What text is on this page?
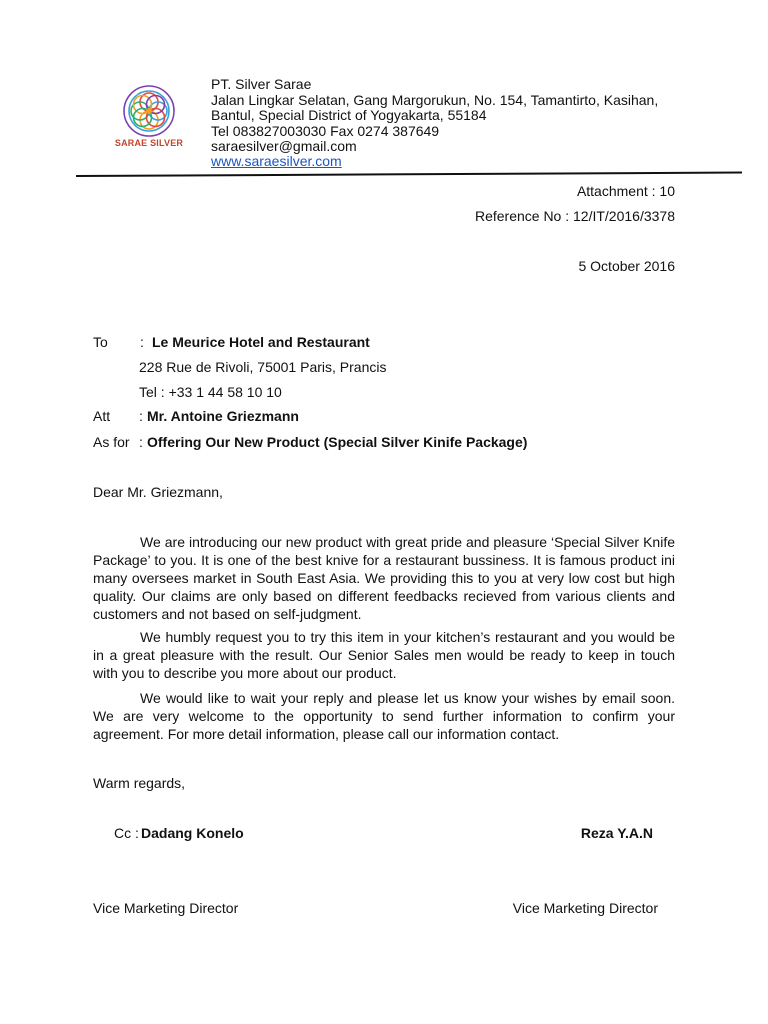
SARAE SILVER
PT. Silver Sarae
Jalan Lingkar Selatan, Gang Margorukun, No. 154, Tamantirto, Kasihan,
Bantul, Special District of Yogyakarta, 55184
Tel 083827003030 Fax 0274 387649
saraesilver@gmail.com
www.saraesilver.com
Attachment : 10
Reference No : 12/IT/2016/3378
5 October 2016
To : Le Meurice Hotel and Restaurant
228 Rue de Rivoli, 75001 Paris, Prancis
Tel : +33 1 44 58 10 10
Att : Mr. Antoine Griezmann
As for : Offering Our New Product (Special Silver Kinife Package)
Dear Mr. Griezmann,

We are introducing our new product with great pride and pleasure ‘Special Silver Knife Package’ to you. It is one of the best knive for a restaurant bussiness. It is famous product ini many oversees market in South East Asia. We providing this to you at very low cost but high quality. Our claims are only based on different feedbacks recieved from various clients and customers and not based on self-judgment.

We humbly request you to try this item in your kitchen’s restaurant and you would be in a great pleasure with the result. Our Senior Sales men would be ready to keep in touch with you to describe you more about our product.

We would like to wait your reply and please let us know your wishes by email soon. We are very welcome to the opportunity to send further information to confirm your agreement. For more detail information, please call our information contact.

Warm regards,
Cc : Dadang Konelo	Reza Y.A.N
Vice Marketing Director	Vice Marketing Director
